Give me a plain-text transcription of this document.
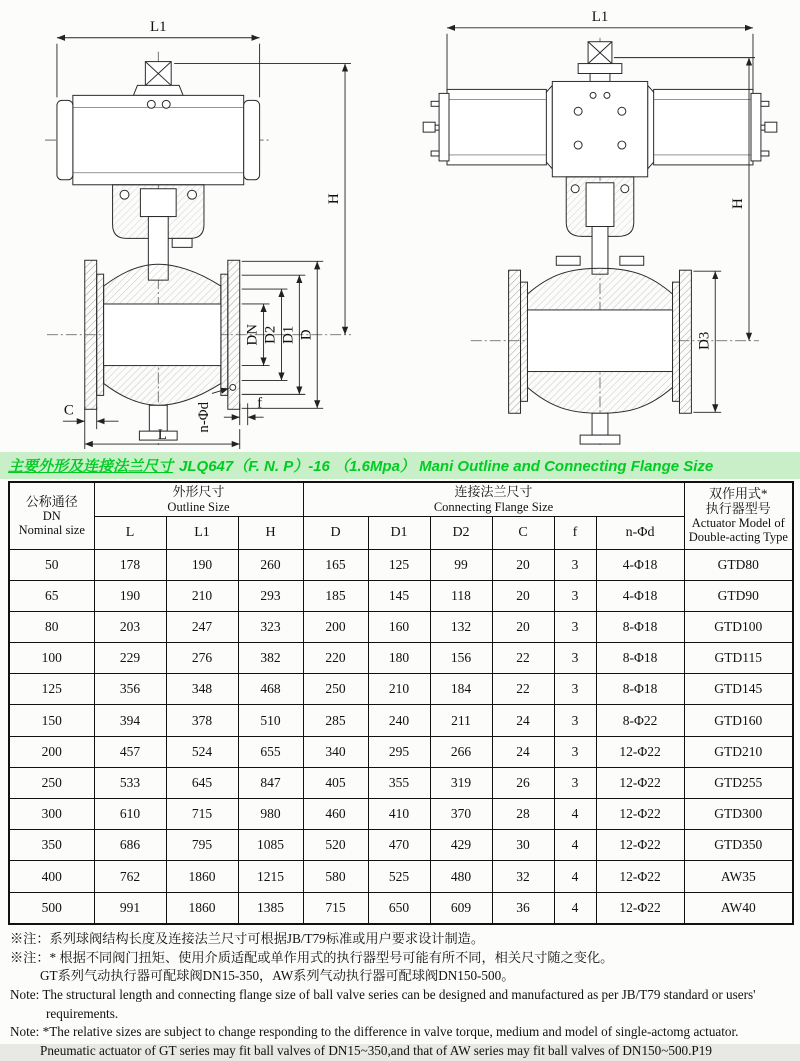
L1
H
DN D2 D1 D
C	f
n-Φd
L
L1
H
D3
主要外形及连接法兰尺寸 JLQ647（F. N. P）-16 （1.6Mpa） Mani Outline and Connecting Flange Size
公称通径
DN
Nominal size

外形尺寸
Outline Size

连接法兰尺寸
Connecting Flange Size

双作用式*
执行器型号
Actuator Model of
Double-acting Type

	L	L1	H	D	D1	D2	C	f	n-Φd	
50	178	190	260	165	125	99	20	3	4-Φ18	GTD80
65	190	210	293	185	145	118	20	3	4-Φ18	GTD90
80	203	247	323	200	160	132	20	3	8-Φ18	GTD100
100	229	276	382	220	180	156	22	3	8-Φ18	GTD115
125	356	348	468	250	210	184	22	3	8-Φ18	GTD145
150	394	378	510	285	240	211	24	3	8-Φ22	GTD160
200	457	524	655	340	295	266	24	3	12-Φ22	GTD210
250	533	645	847	405	355	319	26	3	12-Φ22	GTD255
300	610	715	980	460	410	370	28	4	12-Φ22	GTD300
350	686	795	1085	520	470	429	30	4	12-Φ22	GTD350
400	762	1860	1215	580	525	480	32	4	12-Φ22	AW35
500	991	1860	1385	715	650	609	36	4	12-Φ22	AW40
※注：系列球阀结构长度及连接法兰尺寸可根据JB/T79标准或用户要求设计制造。
※注：* 根据不同阀门扭矩、使用介质适配或单作用式的执行器型号可能有所不同，相关尺寸随之变化。
GT系列气动执行器可配球阀DN15-350，AW系列气动执行器可配球阀DN150-500。
Note: The structural length and connecting flange size of ball valve series can be designed and manufactured as per JB/T79 standard or users' requirements.
Note: *The relative sizes are subject to change responding to the difference in valve torque, medium and model of single-actomg actuator.
Pneumatic actuator of GT series may fit ball valves of DN15~350,and that of AW series may fit ball valves of DN150~500.P19
